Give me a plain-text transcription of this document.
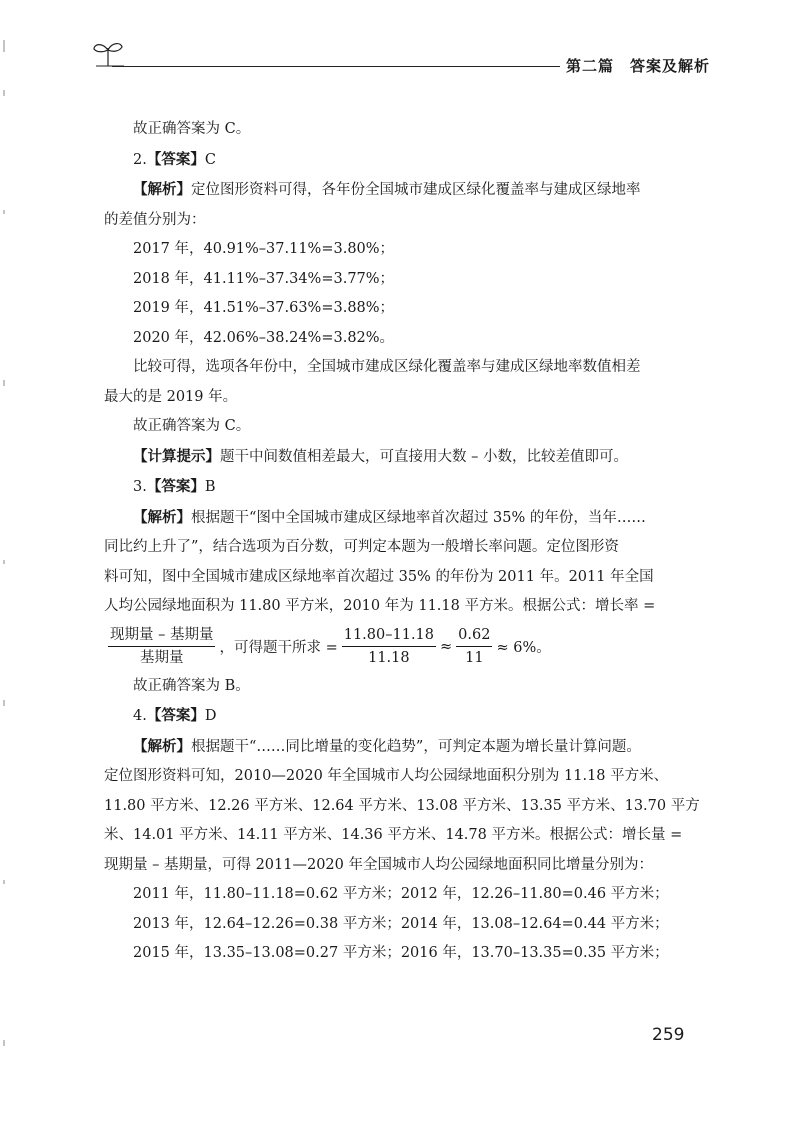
第二篇　答案及解析

故正确答案为 C。

2.【答案】C

【解析】定位图形资料可得，各年份全国城市建成区绿化覆盖率与建成区绿地率

的差值分别为：

2017 年，40.91%–37.11%=3.80%；

2018 年，41.11%–37.34%=3.77%；

2019 年，41.51%–37.63%=3.88%；

2020 年，42.06%–38.24%=3.82%。

比较可得，选项各年份中，全国城市建成区绿化覆盖率与建成区绿地率数值相差

最大的是 2019 年。

故正确答案为 C。

【计算提示】题干中间数值相差最大，可直接用大数 – 小数，比较差值即可。

3.【答案】B

【解析】根据题干“图中全国城市建成区绿地率首次超过 35% 的年份，当年……

同比约上升了”，结合选项为百分数，可判定本题为一般增长率问题。定位图形资

料可知，图中全国城市建成区绿地率首次超过 35% 的年份为 2011 年。2011 年全国

人均公园绿地面积为 11.80 平方米，2010 年为 11.18 平方米。根据公式：增长率 =

$\frac{\text{现期量 – 基期量}}{\text{基期量}}$ ，可得题干所求 = $\frac{11.80-11.18}{11.18} \approx \frac{0.62}{11} \approx 6\%$。

故正确答案为 B。

4.【答案】D

【解析】根据题干“……同比增量的变化趋势”，可判定本题为增长量计算问题。

定位图形资料可知，2010—2020 年全国城市人均公园绿地面积分别为 11.18 平方米、

11.80 平方米、12.26 平方米、12.64 平方米、13.08 平方米、13.35 平方米、13.70 平方

米、14.01 平方米、14.11 平方米、14.36 平方米、14.78 平方米。根据公式：增长量 =

现期量 – 基期量，可得 2011—2020 年全国城市人均公园绿地面积同比增量分别为：

2011 年，11.80–11.18=0.62 平方米；2012 年，12.26–11.80=0.46 平方米；

2013 年，12.64–12.26=0.38 平方米；2014 年，13.08–12.64=0.44 平方米；

2015 年，13.35–13.08=0.27 平方米；2016 年，13.70–13.35=0.35 平方米；

259
